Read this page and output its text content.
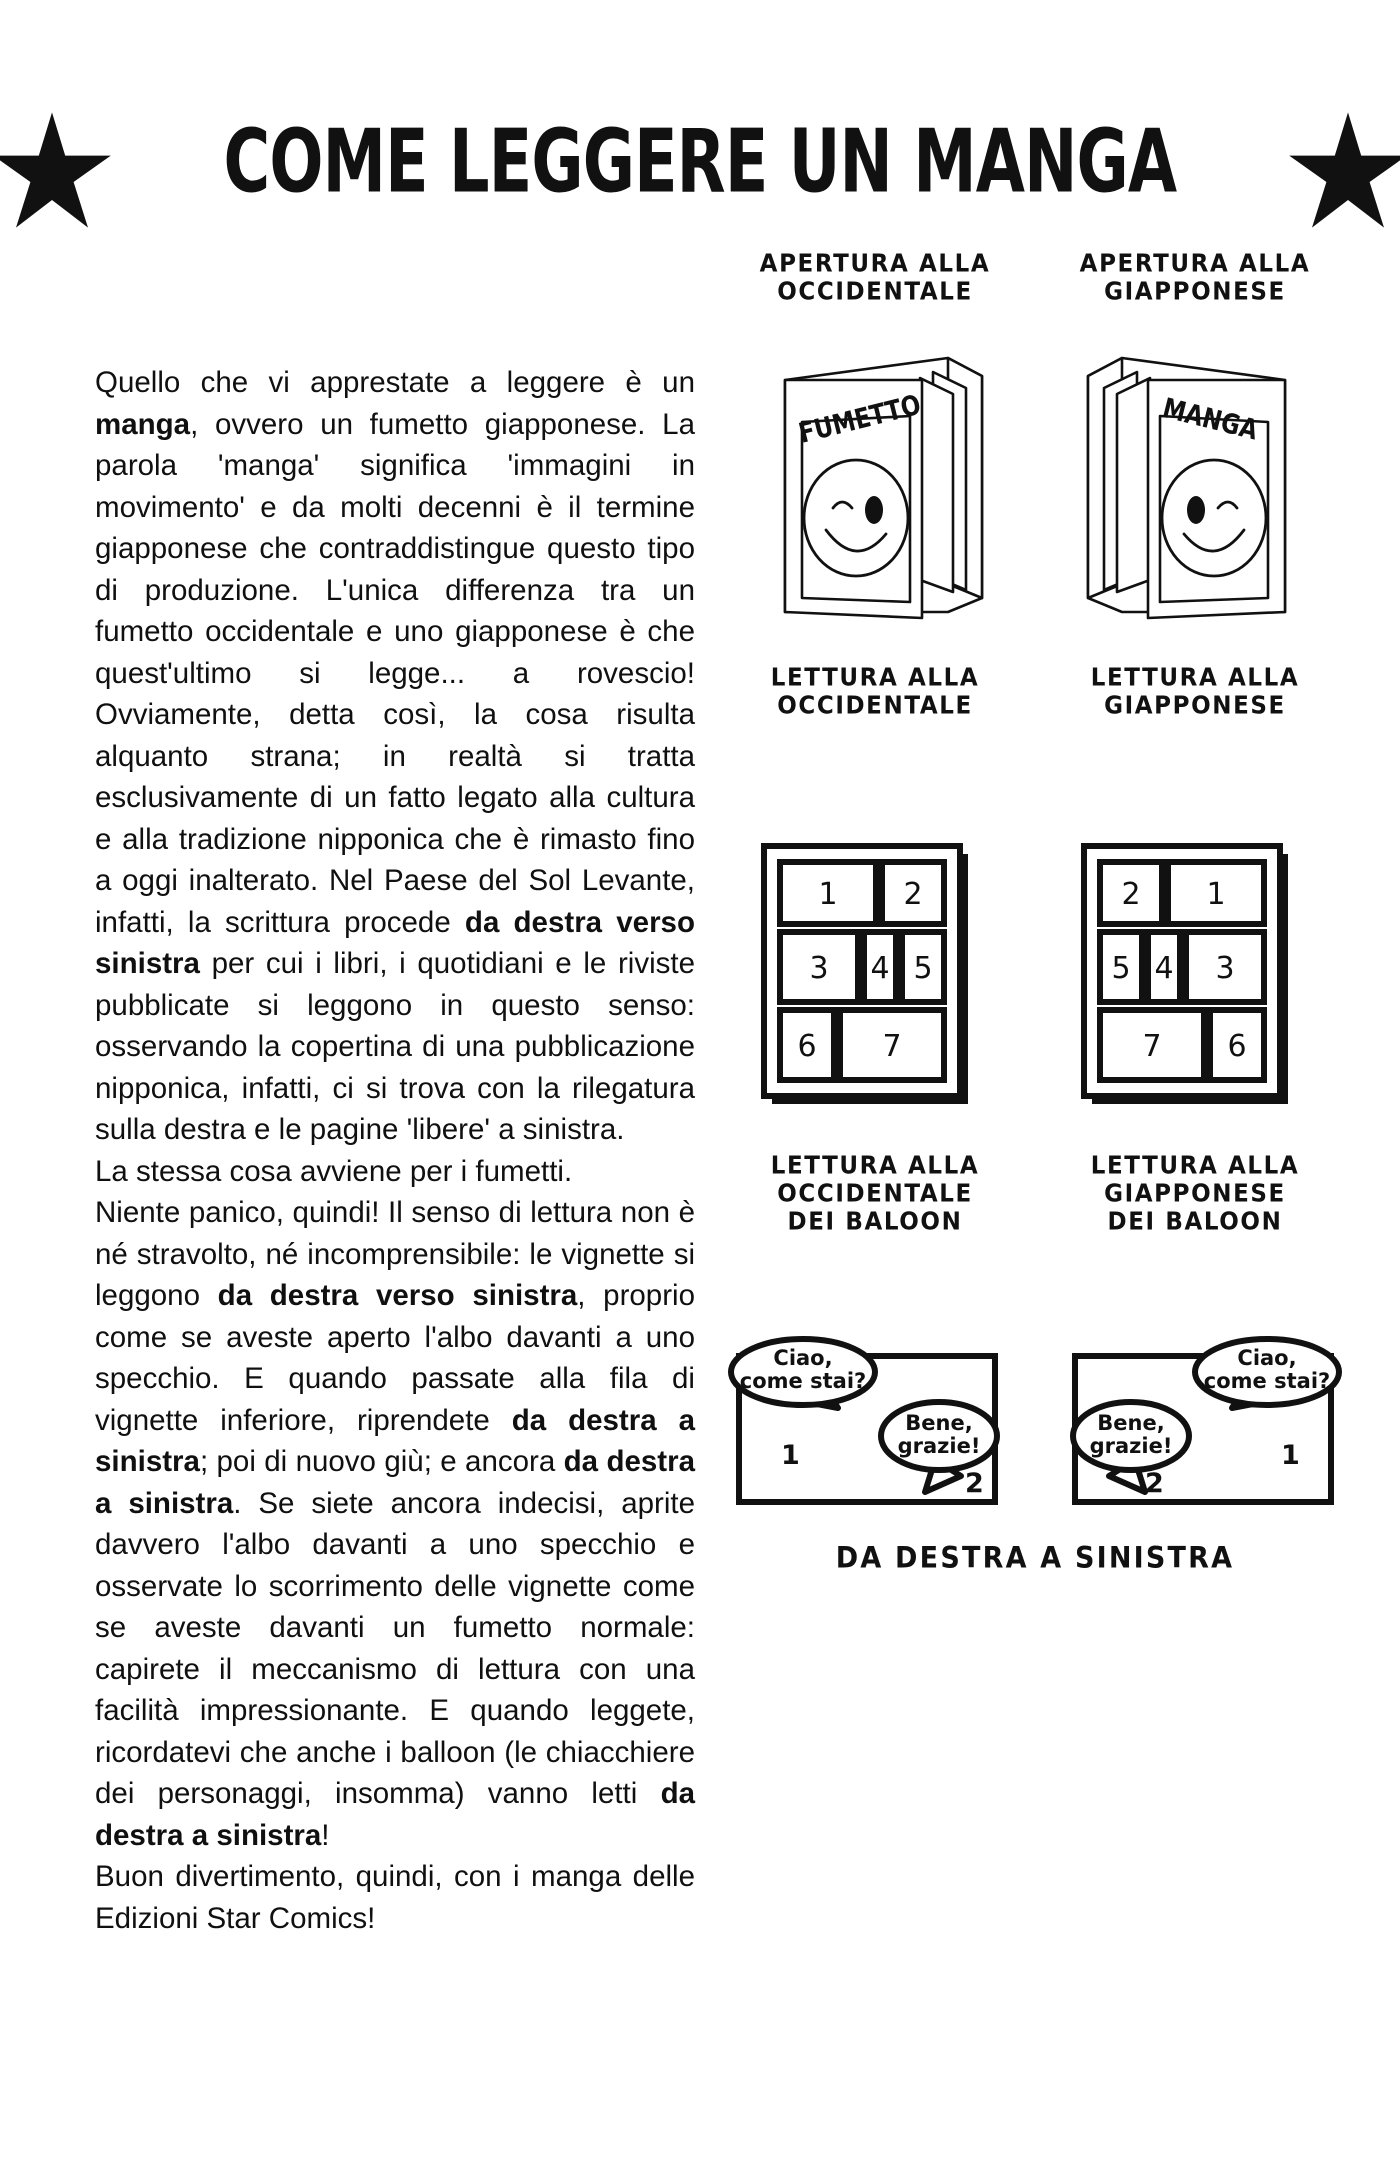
COME LEGGERE UN MANGA

Quello che vi apprestate a leggere è un manga, ovvero un fumetto giapponese. La parola 'manga' significa 'immagini in movimento' e da molti decenni è il termine giapponese che contraddistingue questo tipo di produzione. L'unica differenza tra un fumetto occidentale e uno giapponese è che quest'ultimo si legge... a rovescio! Ovviamente, detta così, la cosa risulta alquanto strana; in realtà si tratta esclusivamente di un fatto legato alla cultura e alla tradizione nipponica che è rimasto fino a oggi inalterato. Nel Paese del Sol Levante, infatti, la scrittura procede da destra verso sinistra per cui i libri, i quotidiani e le riviste pubblicate si leggono in questo senso: osservando la copertina di una pubblicazione nipponica, infatti, ci si trova con la rilegatura sulla destra e le pagine 'libere' a sinistra.

La stessa cosa avviene per i fumetti.

Niente panico, quindi! Il senso di lettura non è né stravolto, né incomprensibile: le vignette si leggono da destra verso sinistra, proprio come se aveste aperto l'albo davanti a uno specchio. E quando passate alla fila di vignette inferiore, riprendete da destra a sinistra; poi di nuovo giù; e ancora da destra a sinistra. Se siete ancora indecisi, aprite davvero l'albo davanti a uno specchio e osservate lo scorrimento delle vignette come se aveste davanti un fumetto normale: capirete il meccanismo di lettura con una facilità impressionante. E quando leggete, ricordatevi che anche i balloon (le chiacchiere dei personaggi, insomma) vanno letti da destra a sinistra!

Buon divertimento, quindi, con i manga delle Edizioni Star Comics!

APERTURA ALLA
OCCIDENTALE
APERTURA ALLA
GIAPPONESE
FUMETTO	MANGA
LETTURA ALLA
OCCIDENTALE
LETTURA ALLA
GIAPPONESE
1 2
3 4 5
6 7
2 1
5 4 3
7 6
LETTURA ALLA
OCCIDENTALE
DEI BALOON
LETTURA ALLA
GIAPPONESE
DEI BALOON
Ciao,
come stai?
1
Bene,
grazie!
2
Ciao,
come stai?
1
Bene,
grazie!
2
DA DESTRA A SINISTRA
